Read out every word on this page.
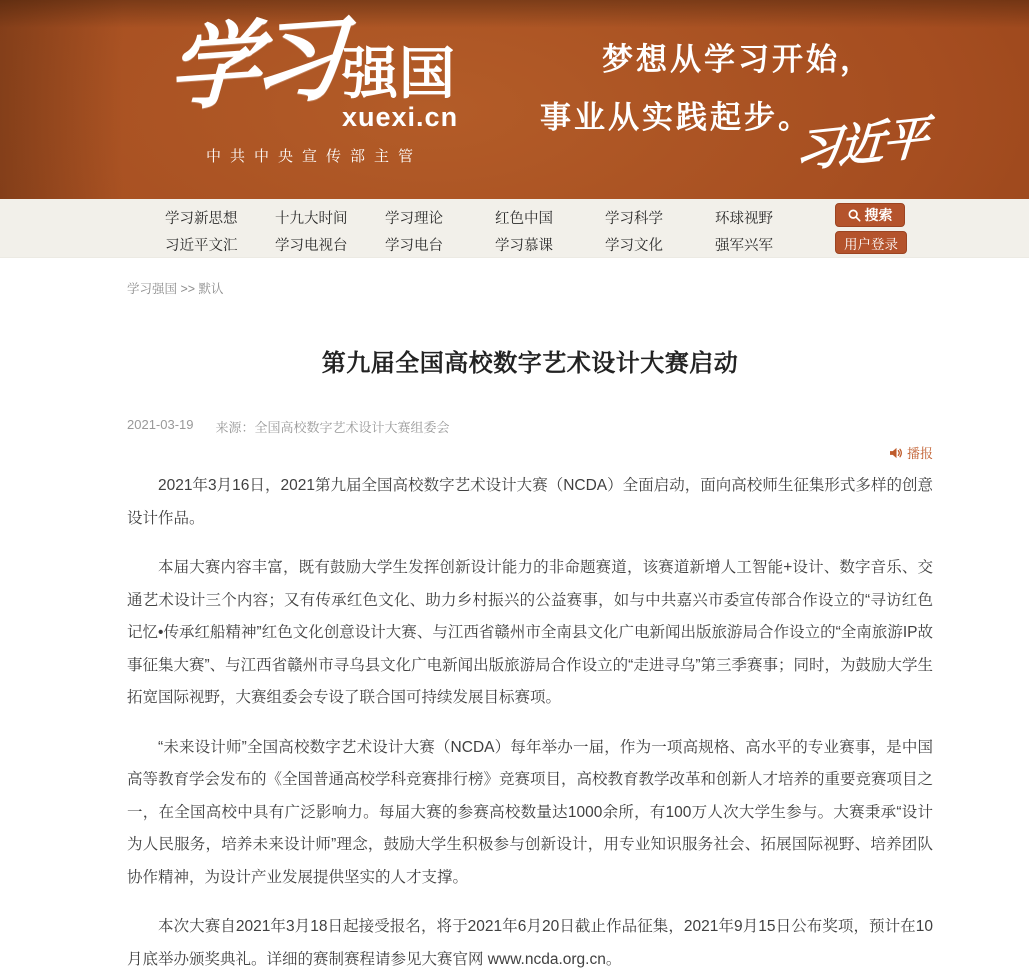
学习 强国
xuexi.cn
中共中央宣传部主管
梦想从学习开始，
事业从实践起步。
习近平
学习新思想	十九大时间	学习理论	红色中国	学习科学	环球视野
习近平文汇	学习电视台	学习电台	学习慕课	学习文化	强军兴军
搜索
用户登录
学习强国 >> 默认
第九届全国高校数字艺术设计大赛启动
2021-03-19 来源：全国高校数字艺术设计大赛组委会
播报

2021年3月16日，2021第九届全国高校数字艺术设计大赛（NCDA）全面启动，面向高校师生征集形式多样的创意设计作品。

本届大赛内容丰富，既有鼓励大学生发挥创新设计能力的非命题赛道，该赛道新增人工智能+设计、数字音乐、交通艺术设计三个内容；又有传承红色文化、助力乡村振兴的公益赛事，如与中共嘉兴市委宣传部合作设立的“寻访红色记忆•传承红船精神”红色文化创意设计大赛、与江西省赣州市全南县文化广电新闻出版旅游局合作设立的“全南旅游IP故事征集大赛”、与江西省赣州市寻乌县文化广电新闻出版旅游局合作设立的“走进寻乌”第三季赛事；同时，为鼓励大学生拓宽国际视野，大赛组委会专设了联合国可持续发展目标赛项。

“未来设计师”全国高校数字艺术设计大赛（NCDA）每年举办一届，作为一项高规格、高水平的专业赛事，是中国高等教育学会发布的《全国普通高校学科竞赛排行榜》竞赛项目，高校教育教学改革和创新人才培养的重要竞赛项目之一，在全国高校中具有广泛影响力。每届大赛的参赛高校数量达1000余所，有100万人次大学生参与。大赛秉承“设计为人民服务，培养未来设计师”理念，鼓励大学生积极参与创新设计，用专业知识服务社会、拓展国际视野、培养团队协作精神，为设计产业发展提供坚实的人才支撑。

本次大赛自2021年3月18日起接受报名，将于2021年6月20日截止作品征集，2021年9月15日公布奖项，预计在10月底举办颁奖典礼。详细的赛制赛程请参见大赛官网 www.ncda.org.cn。
